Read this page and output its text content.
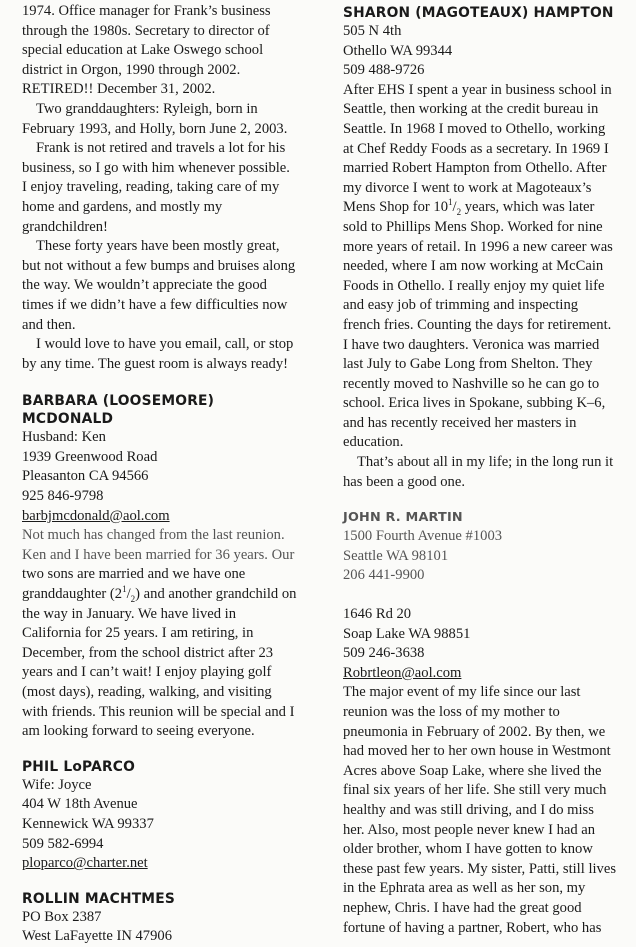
1974. Office manager for Frank’s business
through the 1980s. Secretary to director of
special education at Lake Oswego school
district in Orgon, 1990 through 2002.
RETIRED!! December 31, 2002.

Two granddaughters: Ryleigh, born in
February 1993, and Holly, born June 2, 2003.

Frank is not retired and travels a lot for his
business, so I go with him whenever possible.
I enjoy traveling, reading, taking care of my
home and gardens, and mostly my
grandchildren!

These forty years have been mostly great,
but not without a few bumps and bruises along
the way. We wouldn’t appreciate the good
times if we didn’t have a few difficulties now
and then.

I would love to have you email, call, or stop
by any time. The guest room is always ready!

BARBARA (LOOSEMORE) MCDONALD
Husband: Ken
1939 Greenwood Road
Pleasanton CA 94566
925 846-9798
barbjmcdonald@aol.com

Not much has changed from the last reunion.
Ken and I have been married for 36 years. Our
two sons are married and we have one
granddaughter $(2^1/_2)$ and another grandchild on
the way in January. We have lived in
California for 25 years. I am retiring, in
December, from the school district after 23
years and I can’t wait! I enjoy playing golf
(most days), reading, walking, and visiting
with friends. This reunion will be special and I
am looking forward to seeing everyone.

PHIL LoPARCO
Wife: Joyce
404 W 18th Avenue
Kennewick WA 99337
509 582-6994
ploparco@charter.net
ROLLIN MACHTMES
PO Box 2387
West LaFayette IN 47906
SHARON (MAGOTEAUX) HAMPTON
505 N 4th
Othello WA 99344
509 488-9726

After EHS I spent a year in business school in
Seattle, then working at the credit bureau in
Seattle. In 1968 I moved to Othello, working
at Chef Reddy Foods as a secretary. In 1969 I
married Robert Hampton from Othello. After
my divorce I went to work at Magoteaux’s
Mens Shop for $10^1/_2$ years, which was later
sold to Phillips Mens Shop. Worked for nine
more years of retail. In 1996 a new career was
needed, where I am now working at McCain
Foods in Othello. I really enjoy my quiet life
and easy job of trimming and inspecting
french fries. Counting the days for retirement.
I have two daughters. Veronica was married
last July to Gabe Long from Shelton. They
recently moved to Nashville so he can go to
school. Erica lives in Spokane, subbing K–6,
and has recently received her masters in
education.

That’s about all in my life; in the long run it
has been a good one.

JOHN R. MARTIN
1500 Fourth Avenue #1003
Seattle WA 98101
206 441-9900
1646 Rd 20
Soap Lake WA 98851
509 246-3638
Robrtleon@aol.com

The major event of my life since our last
reunion was the loss of my mother to
pneumonia in February of 2002. By then, we
had moved her to her own house in Westmont
Acres above Soap Lake, where she lived the
final six years of her life. She still very much
healthy and was still driving, and I do miss
her. Also, most people never knew I had an
older brother, whom I have gotten to know
these past few years. My sister, Patti, still lives
in the Ephrata area as well as her son, my
nephew, Chris. I have had the great good
fortune of having a partner, Robert, who has
